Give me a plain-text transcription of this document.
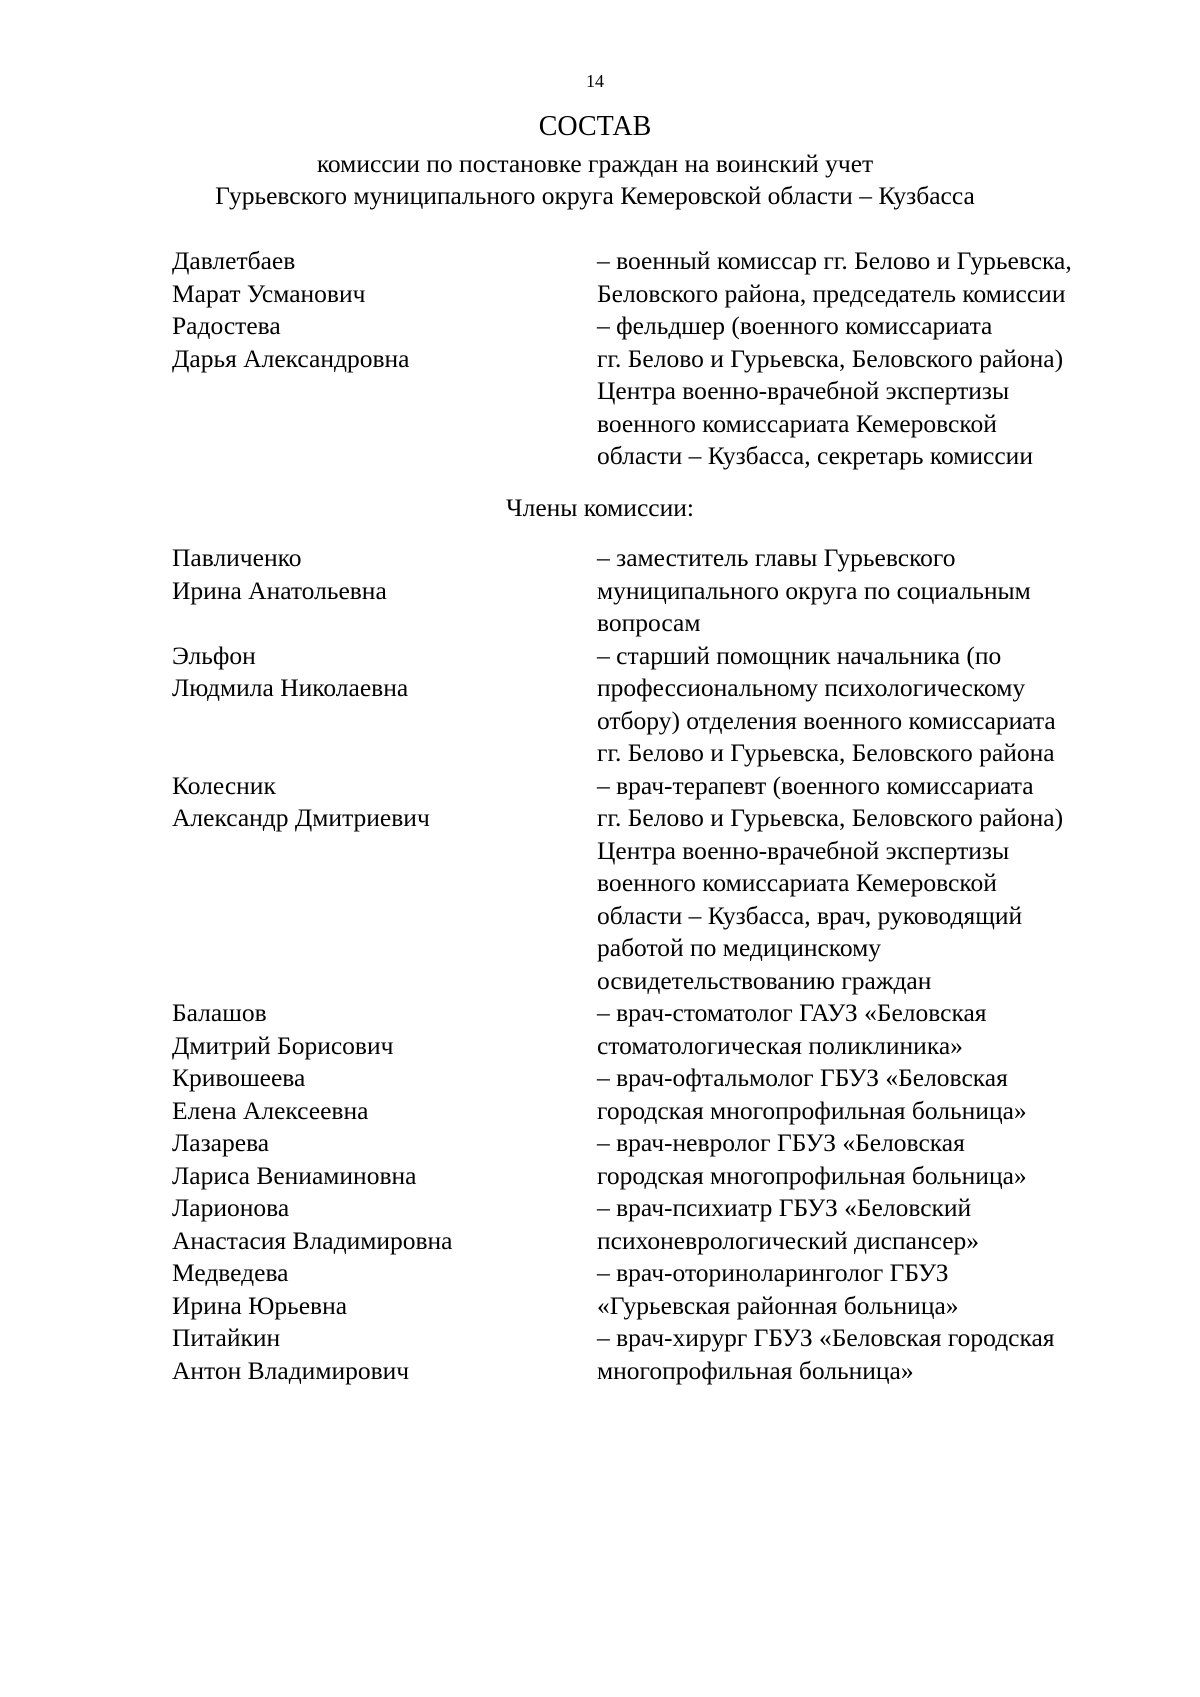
14
СОСТАВ
комиссии по постановке граждан на воинский учет
Гурьевского муниципального округа Кемеровской области – Кузбасса
Давлетбаев
Марат Усманович
– военный комиссар гг. Белово и Гурьевска,
Беловского района, председатель комиссии
Радостева
Дарья Александровна
– фельдшер (военного комиссариата
гг. Белово и Гурьевска, Беловского района)
Центра военно-врачебной экспертизы
военного комиссариата Кемеровской
области – Кузбасса, секретарь комиссии
Члены комиссии:
Павличенко
Ирина Анатольевна
– заместитель главы Гурьевского
муниципального округа по социальным
вопросам
Эльфон
Людмила Николаевна
– старший помощник начальника (по
профессиональному психологическому
отбору) отделения военного комиссариата
гг. Белово и Гурьевска, Беловского района
Колесник
Александр Дмитриевич
– врач-терапевт (военного комиссариата
гг. Белово и Гурьевска, Беловского района)
Центра военно-врачебной экспертизы
военного комиссариата Кемеровской
области – Кузбасса, врач, руководящий
работой по медицинскому
освидетельствованию граждан
Балашов
Дмитрий Борисович
– врач-стоматолог ГАУЗ «Беловская
стоматологическая поликлиника»
Кривошеева
Елена Алексеевна
– врач-офтальмолог ГБУЗ «Беловская
городская многопрофильная больница»
Лазарева
Лариса Вениаминовна
– врач-невролог ГБУЗ «Беловская
городская многопрофильная больница»
Ларионова
Анастасия Владимировна
– врач-психиатр ГБУЗ «Беловский
психоневрологический диспансер»
Медведева
Ирина Юрьевна
– врач-оториноларинголог ГБУЗ
«Гурьевская районная больница»
Питайкин
Антон Владимирович
– врач-хирург ГБУЗ «Беловская городская
многопрофильная больница»
